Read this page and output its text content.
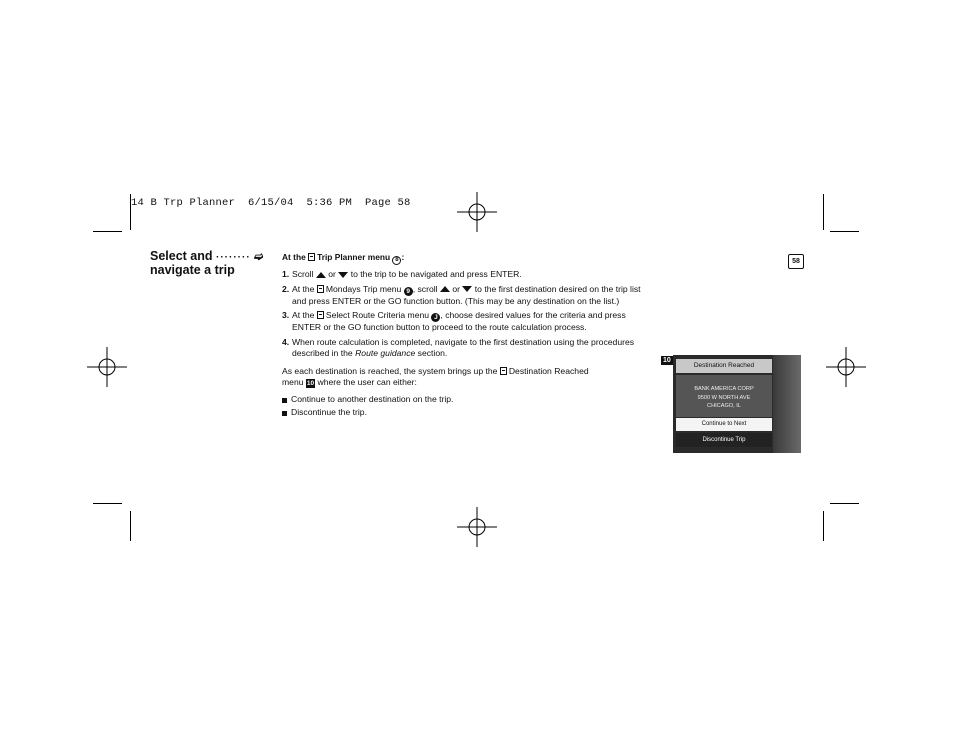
14 B Trp Planner  6/15/04  5:36 PM  Page 58
58
Select and ········ ➫
navigate a trip

At the Trip Planner menu 8 :

1. Scroll or to the trip to be navigated and press ENTER.

2. At the Mondays Trip menu 9 , scroll or to the first destination desired on the trip list and press ENTER or the GO function button. (This may be any destination on the list.)

3. At the Select Route Criteria menu J , choose desired values for the criteria and press ENTER or the GO function button to proceed to the route calculation process.

4. When route calculation is completed, navigate to the first destination using the procedures described in the Route guidance section.

As each destination is reached, the system brings up the Destination Reached menu 10 where the user can either:

Continue to another destination on the trip.

Discontinue the trip.

10
Destination Reached
BANK AMERICA CORP
9500 W NORTH AVE
CHICAGO, IL
Continue to Next
Discontinue Trip
